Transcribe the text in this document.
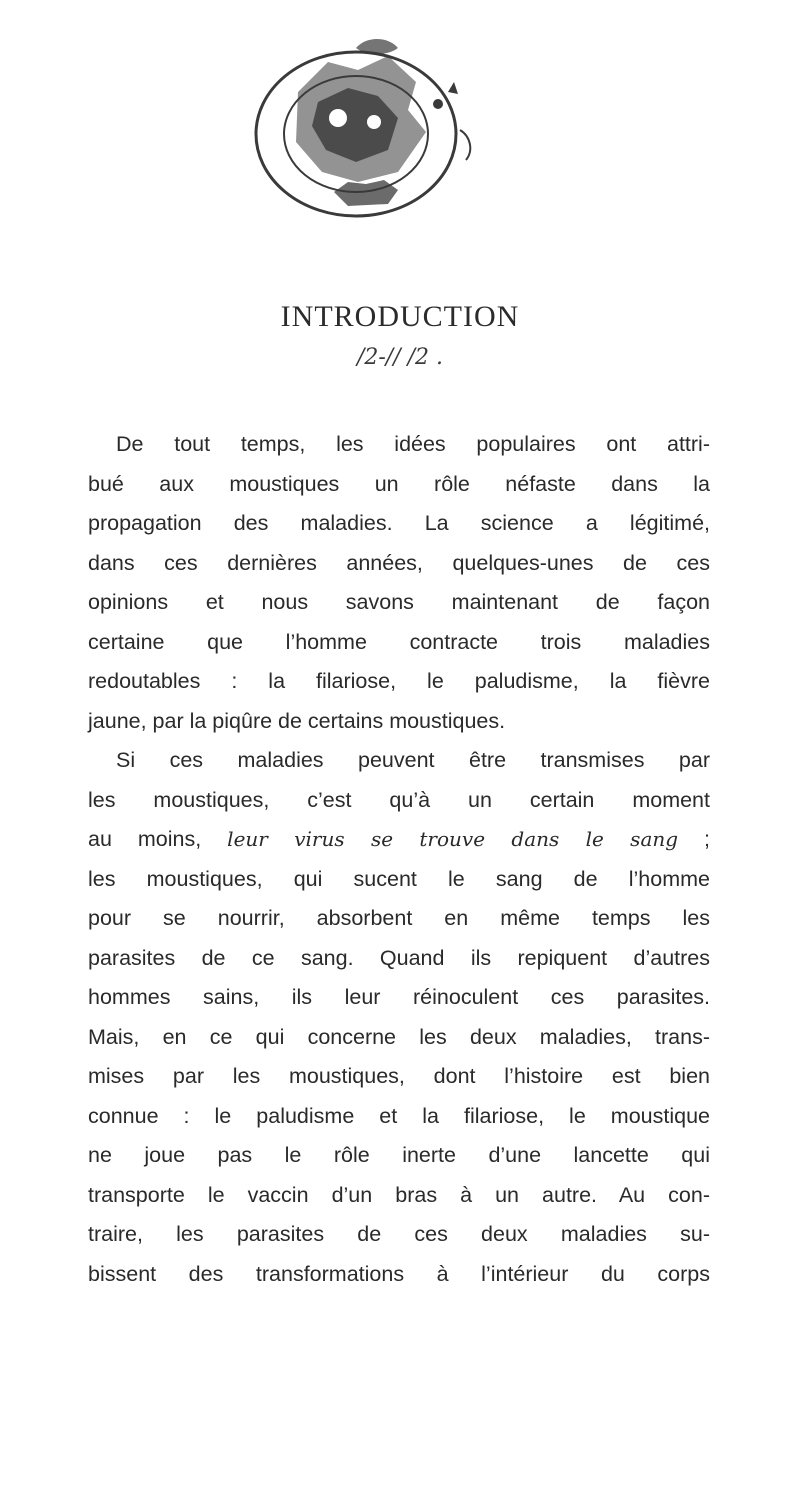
INTRODUCTION
/2-// /2 .
De tout temps, les idées populaires ont attri-
bué aux moustiques un rôle néfaste dans la
propagation des maladies. La science a légitimé,
dans ces dernières années, quelques-unes de ces
opinions et nous savons maintenant de façon
certaine que l’homme contracte trois maladies
redoutables : la filariose, le paludisme, la fièvre
jaune, par la piqûre de certains moustiques.
Si ces maladies peuvent être transmises par
les moustiques, c’est qu’à un certain moment
au moins, leur virus se trouve dans le sang ;
les moustiques, qui sucent le sang de l’homme
pour se nourrir, absorbent en même temps les
parasites de ce sang. Quand ils repiquent d’autres
hommes sains, ils leur réinoculent ces parasites.
Mais, en ce qui concerne les deux maladies, trans-
mises par les moustiques, dont l’histoire est bien
connue : le paludisme et la filariose, le moustique
ne joue pas le rôle inerte d’une lancette qui
transporte le vaccin d’un bras à un autre. Au con-
traire, les parasites de ces deux maladies su-
bissent des transformations à l’intérieur du corps
